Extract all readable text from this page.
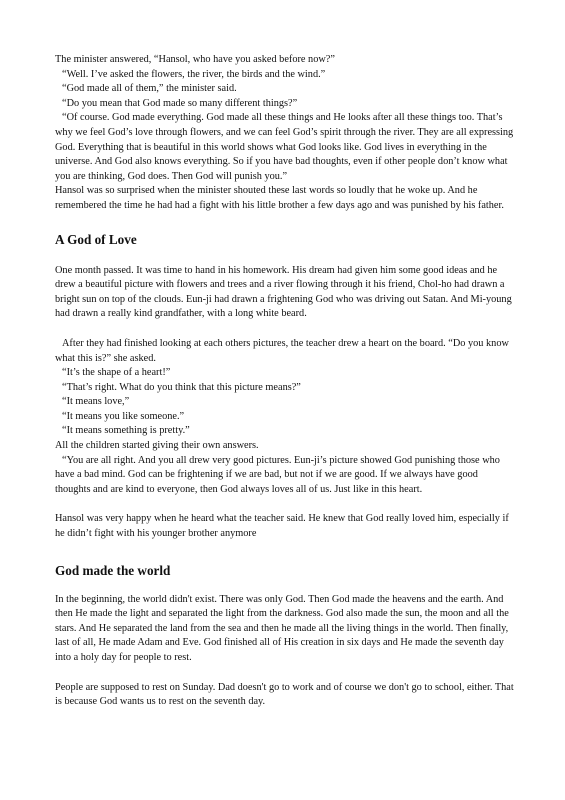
The minister answered, “Hansol, who have you asked before now?”

“Well. I’ve asked the flowers, the river, the birds and the wind.”

“God made all of them,” the minister said.

“Do you mean that God made so many different things?”

“Of course. God made everything. God made all these things and He looks after all these things too. That’s why we feel God’s love through flowers, and we can feel God’s spirit through the river. They are all expressing God. Everything that is beautiful in this world shows what God looks like. God lives in everything in the universe. And God also knows everything. So if you have bad thoughts, even if other people don’t know what you are thinking, God does. Then God will punish you.”

Hansol was so surprised when the minister shouted these last words so loudly that he woke up. And he remembered the time he had had a fight with his little brother a few days ago and was punished by his father.

A God of Love

One month passed. It was time to hand in his homework. His dream had given him some good ideas and he drew a beautiful picture with flowers and trees and a river flowing through it his friend, Chol-ho had drawn a bright sun on top of the clouds. Eun-ji had drawn a frightening God who was driving out Satan. And Mi-young had drawn a really kind grandfather, with a long white beard.

After they had finished looking at each others pictures, the teacher drew a heart on the board. “Do you know what this is?” she asked.

“It’s the shape of a heart!”

“That’s right. What do you think that this picture means?”

“It means love,”

“It means you like someone.”

“It means something is pretty.”

All the children started giving their own answers.

“You are all right. And you all drew very good pictures. Eun-ji’s picture showed God punishing those who have a bad mind. God can be frightening if we are bad, but not if we are good. If we always have good thoughts and are kind to everyone, then God always loves all of us. Just like in this heart.

Hansol was very happy when he heard what the teacher said. He knew that God really loved him, especially if he didn’t fight with his younger brother anymore

God made the world

In the beginning, the world didn't exist. There was only God. Then God made the heavens and the earth. And then He made the light and separated the light from the darkness. God also made the sun, the moon and all the stars. And He separated the land from the sea and then he made all the living things in the world. Then finally, last of all, He made Adam and Eve. God finished all of His creation in six days and He made the seventh day into a holy day for people to rest.

People are supposed to rest on Sunday. Dad doesn't go to work and of course we don't go to school, either. That is because God wants us to rest on the seventh day.
